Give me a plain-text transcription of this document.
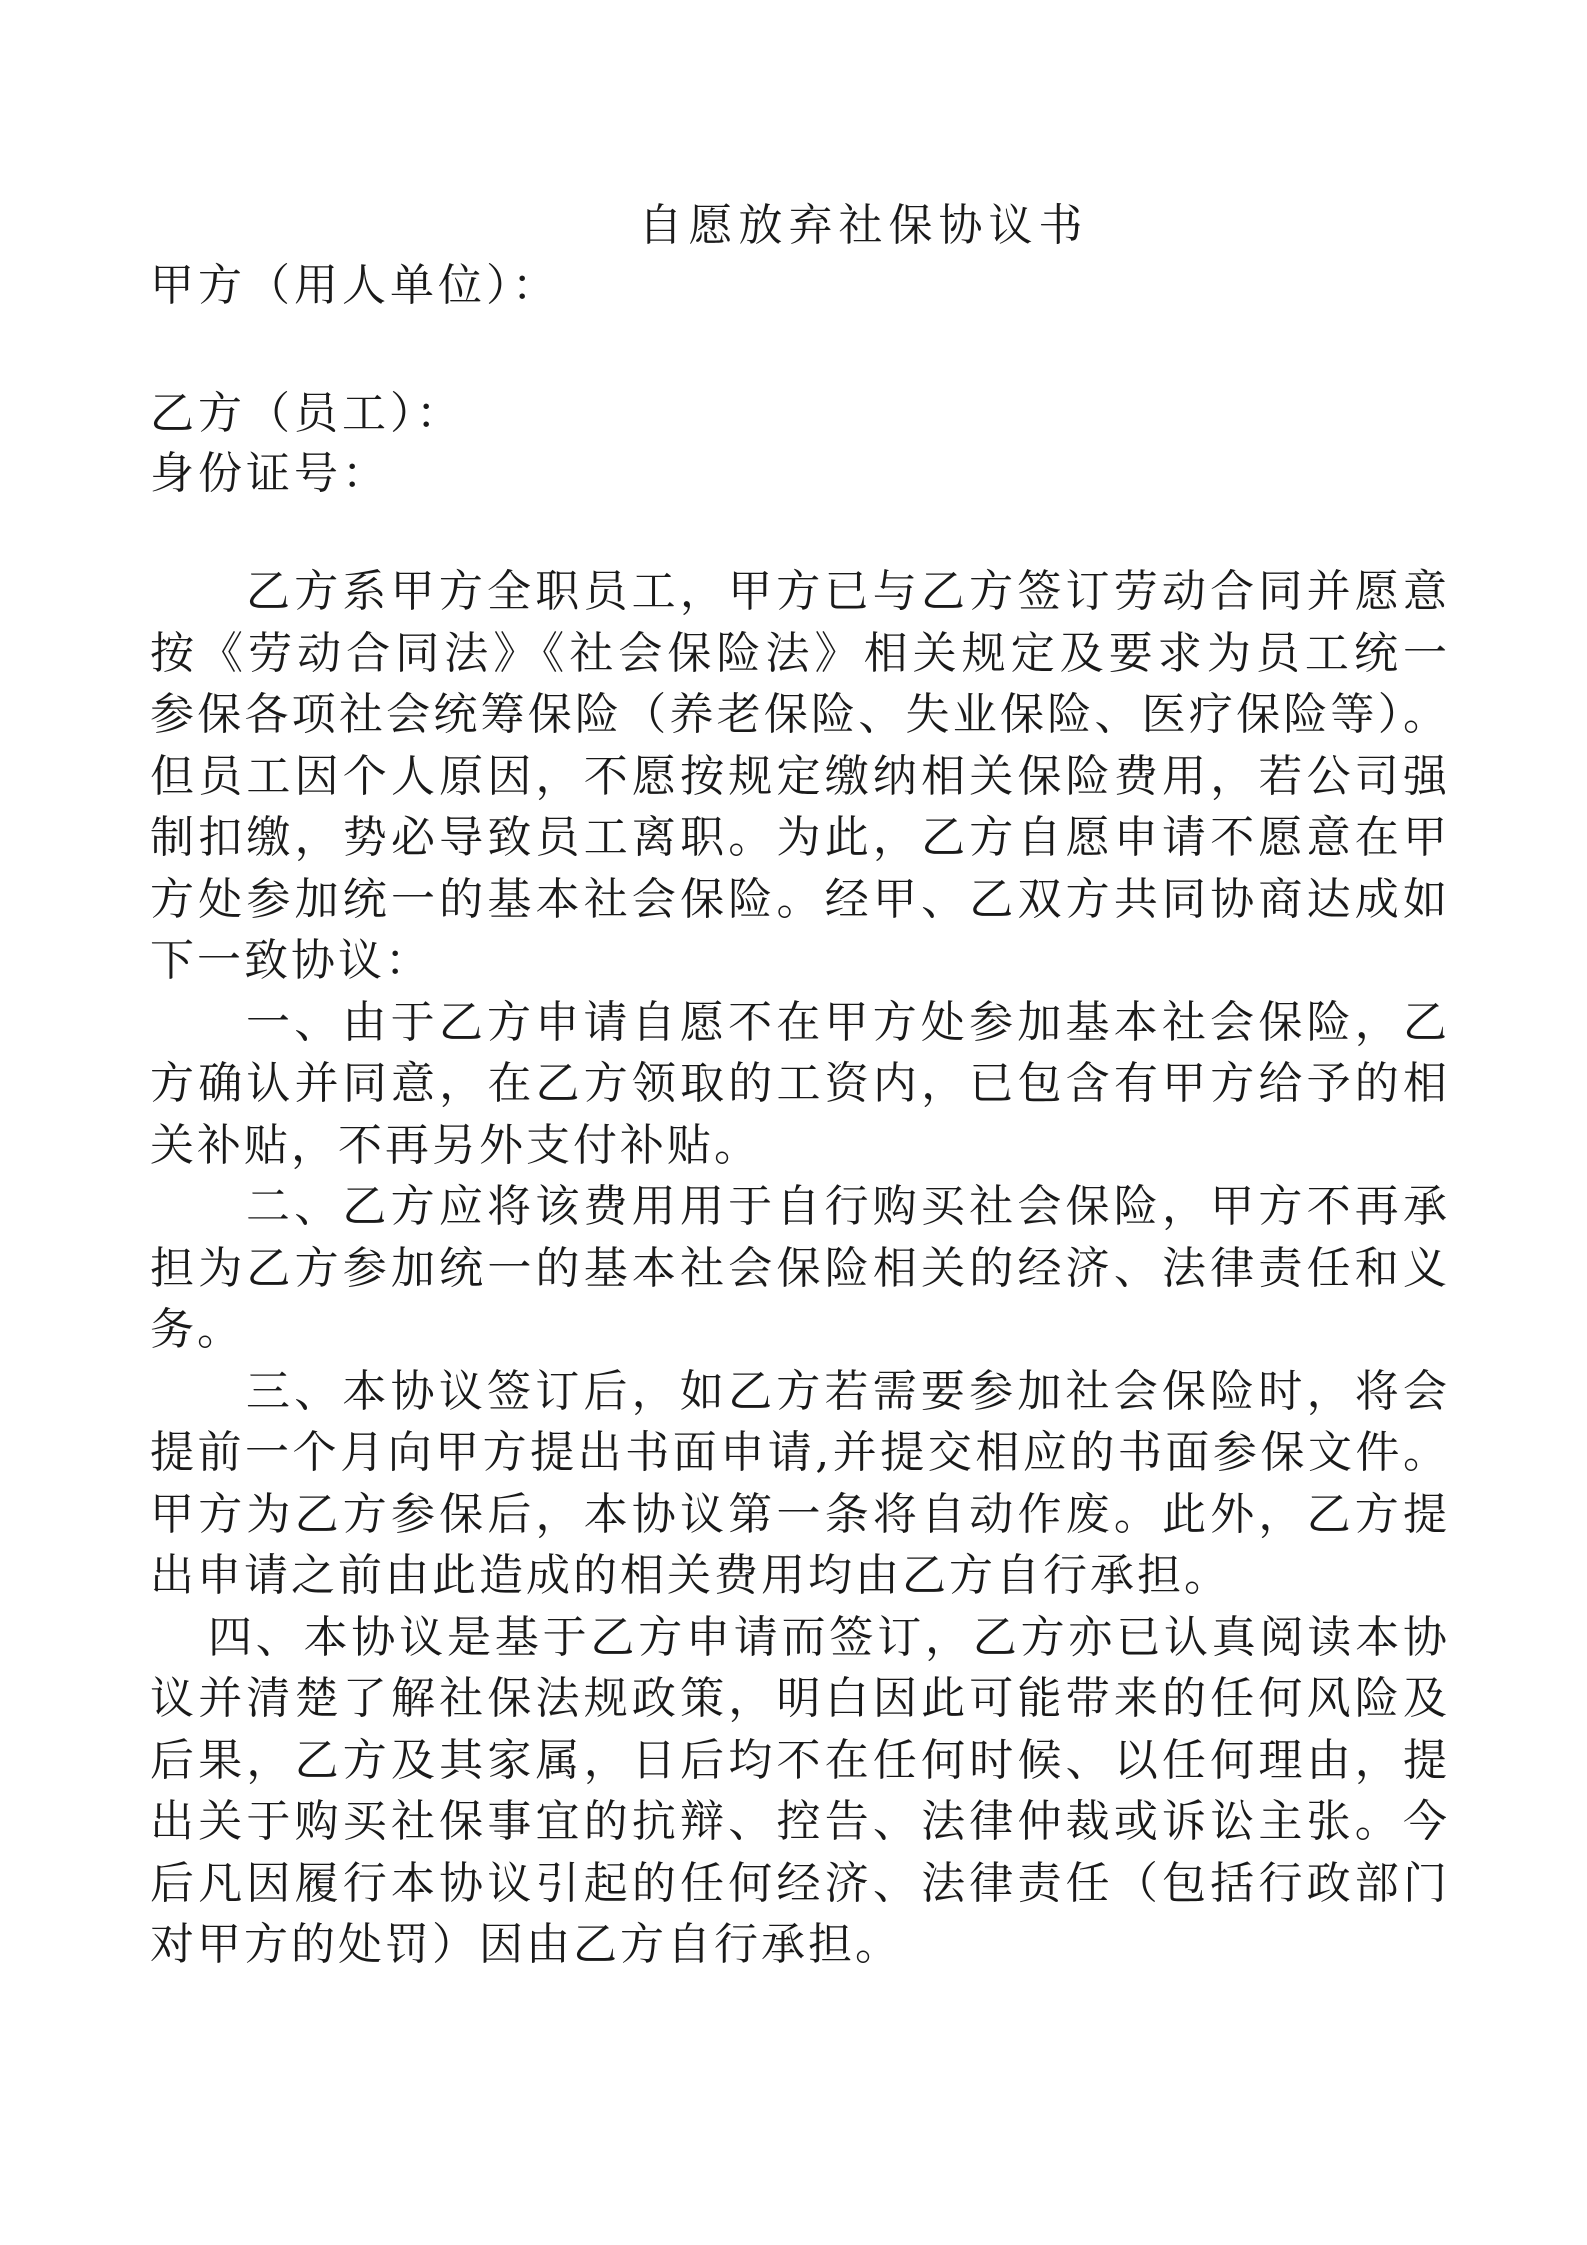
自愿放弃社保协议书
甲方（用人单位）：
乙方（员工）：
身份证号：
乙方系甲方全职员工，甲方已与乙方签订劳动合同并愿意
按《劳动合同法》《社会保险法》相关规定及要求为员工统一
参保各项社会统筹保险（养老保险、失业保险、医疗保险等）。
但员工因个人原因，不愿按规定缴纳相关保险费用，若公司强
制扣缴，势必导致员工离职。为此，乙方自愿申请不愿意在甲
方处参加统一的基本社会保险。经甲、乙双方共同协商达成如
下一致协议：
一、由于乙方申请自愿不在甲方处参加基本社会保险，乙
方确认并同意，在乙方领取的工资内，已包含有甲方给予的相
关补贴，不再另外支付补贴。
二、乙方应将该费用用于自行购买社会保险，甲方不再承
担为乙方参加统一的基本社会保险相关的经济、法律责任和义
务。
三、本协议签订后，如乙方若需要参加社会保险时，将会
提前一个月向甲方提出书面申请,并提交相应的书面参保文件。
甲方为乙方参保后，本协议第一条将自动作废。此外，乙方提
出申请之前由此造成的相关费用均由乙方自行承担。
四、本协议是基于乙方申请而签订，乙方亦已认真阅读本协
议并清楚了解社保法规政策，明白因此可能带来的任何风险及
后果，乙方及其家属，日后均不在任何时候、以任何理由，提
出关于购买社保事宜的抗辩、控告、法律仲裁或诉讼主张。今
后凡因履行本协议引起的任何经济、法律责任（包括行政部门
对甲方的处罚）因由乙方自行承担。
